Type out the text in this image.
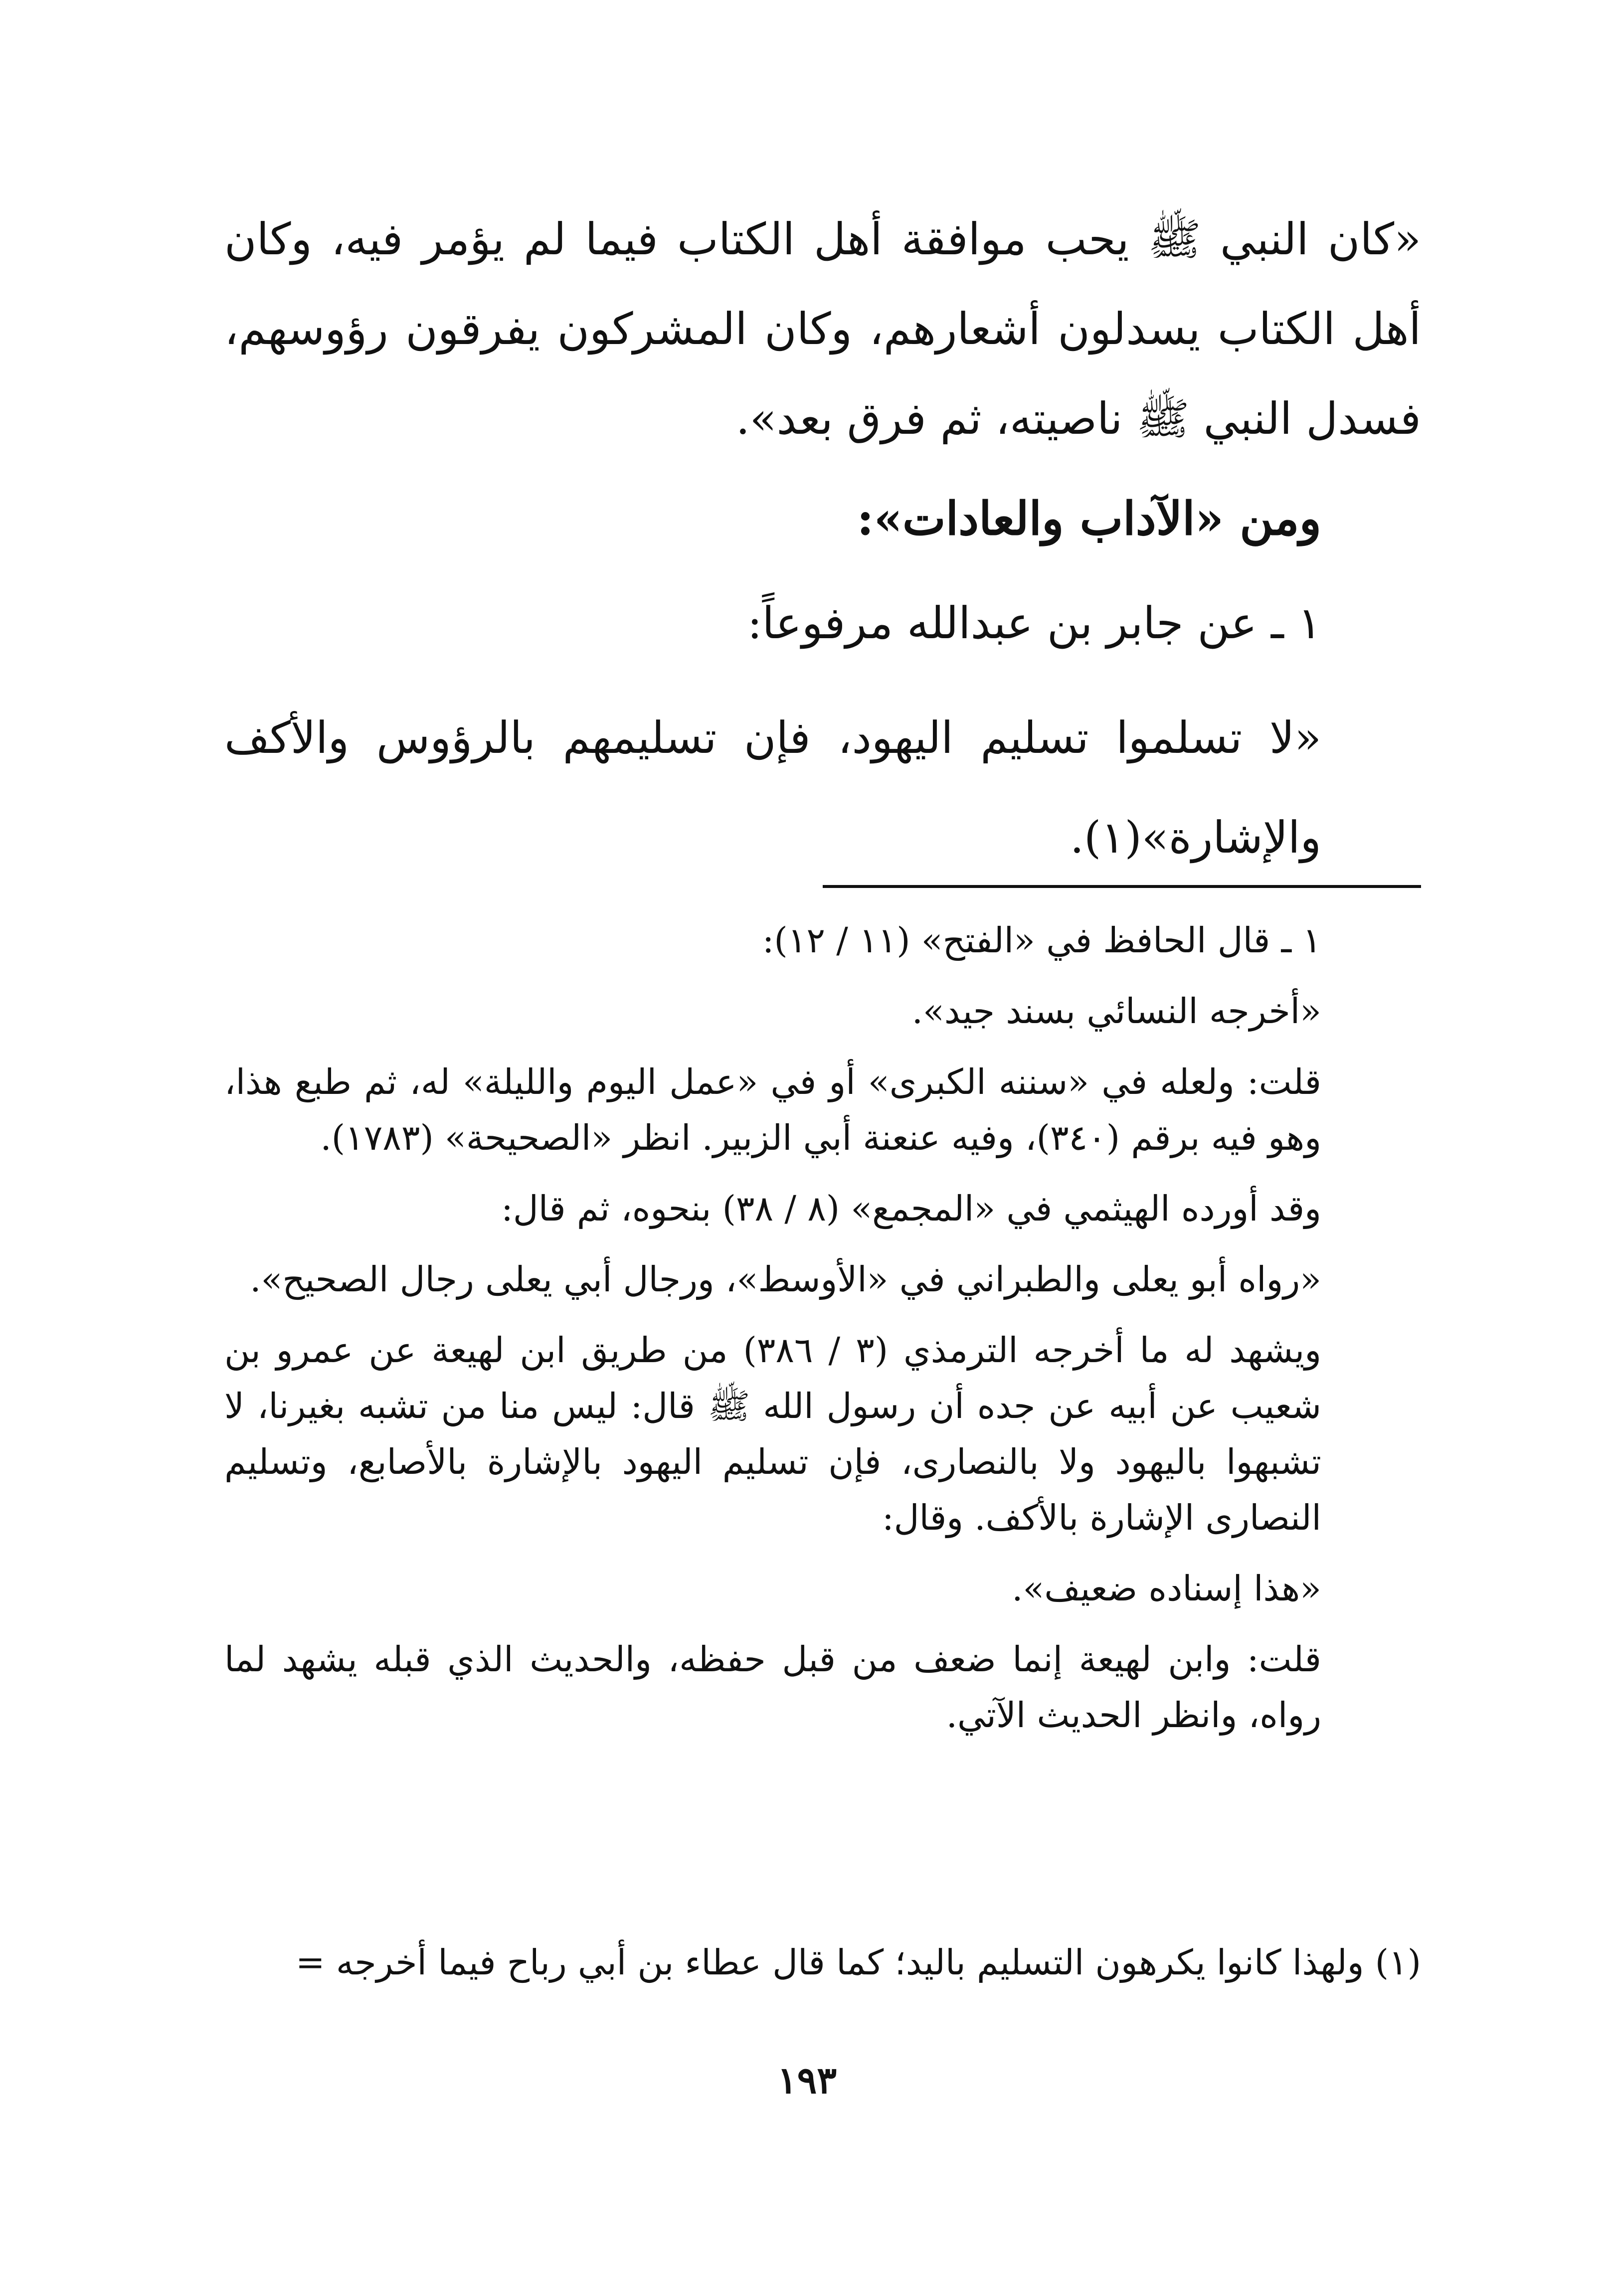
«كان النبي ﷺ يحب موافقة أهل الكتاب فيما لم يؤمر فيه، وكان أهل الكتاب يسدلون أشعارهم، وكان المشركون يفرقون رؤوسهم، فسدل النبي ﷺ ناصيته، ثم فرق بعد».

ومن «الآداب والعادات»:
١ ـ عن جابر بن عبدالله مرفوعاً:

«لا تسلموا تسليم اليهود، فإن تسليمهم بالرؤوس والأكف والإشارة»(١).

١ ـ قال الحافظ في «الفتح» (١١ / ١٢):

«أخرجه النسائي بسند جيد».

قلت: ولعله في «سننه الكبرى» أو في «عمل اليوم والليلة» له، ثم طبع هذا، وهو فيه برقم (٣٤٠)، وفيه عنعنة أبي الزبير. انظر «الصحيحة» (١٧٨٣).

وقد أورده الهيثمي في «المجمع» (٨ / ٣٨) بنحوه، ثم قال:

«رواه أبو يعلى والطبراني في «الأوسط»، ورجال أبي يعلى رجال الصحيح».

ويشهد له ما أخرجه الترمذي (٣ / ٣٨٦) من طريق ابن لهيعة عن عمرو بن شعيب عن أبيه عن جده أن رسول الله ﷺ قال: ليس منا من تشبه بغيرنا، لا تشبهوا باليهود ولا بالنصارى، فإن تسليم اليهود بالإشارة بالأصابع، وتسليم النصارى الإشارة بالأكف. وقال:

«هذا إسناده ضعيف».

قلت: وابن لهيعة إنما ضعف من قبل حفظه، والحديث الذي قبله يشهد لما رواه، وانظر الحديث الآتي.

(١) ولهذا كانوا يكرهون التسليم باليد؛ كما قال عطاء بن أبي رباح فيما أخرجه =

١٩٣
